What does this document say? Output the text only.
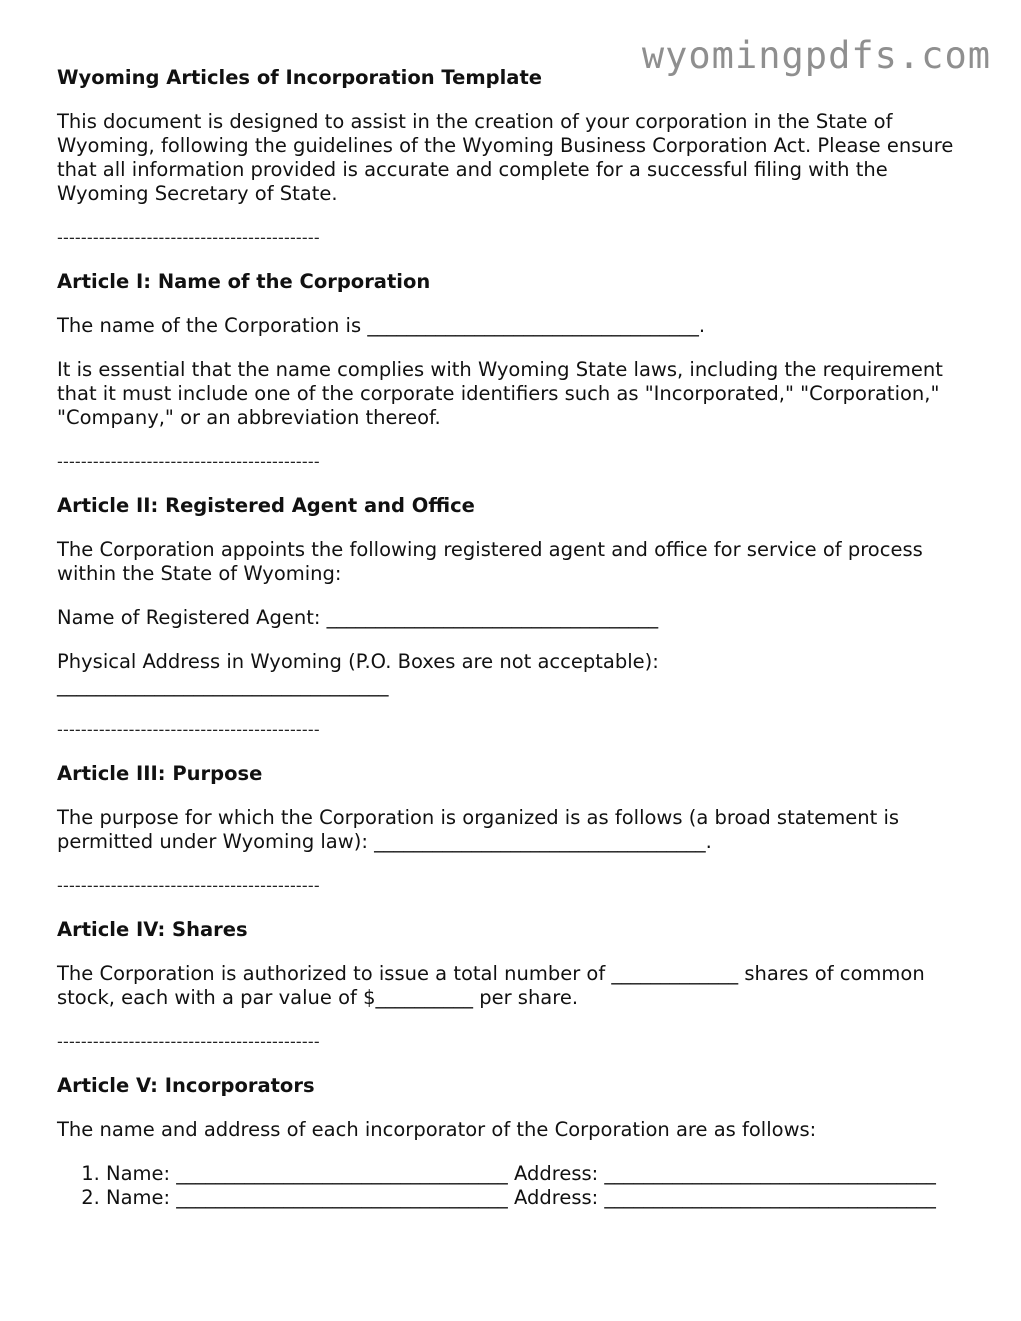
wyomingpdfs.com
Wyoming Articles of Incorporation Template

This document is designed to assist in the creation of your corporation in the State of Wyoming, following the guidelines of the Wyoming Business Corporation Act. Please ensure that all information provided is accurate and complete for a successful filing with the Wyoming Secretary of State.

--------------------------------------------
Article I: Name of the Corporation

The name of the Corporation is __________________________________.

It is essential that the name complies with Wyoming State laws, including the requirement that it must include one of the corporate identifiers such as "Incorporated," "Corporation," "Company," or an abbreviation thereof.

--------------------------------------------
Article II: Registered Agent and Office

The Corporation appoints the following registered agent and office for service of process within the State of Wyoming:

Name of Registered Agent: __________________________________

Physical Address in Wyoming (P.O. Boxes are not acceptable): __________________________________

--------------------------------------------
Article III: Purpose

The purpose for which the Corporation is organized is as follows (a broad statement is permitted under Wyoming law): __________________________________.

--------------------------------------------
Article IV: Shares

The Corporation is authorized to issue a total number of _____________ shares of common stock, each with a par value of $__________ per share.

--------------------------------------------
Article V: Incorporators

The name and address of each incorporator of the Corporation are as follows:

1. Name: __________________________________ Address: __________________________________
2. Name: __________________________________ Address: __________________________________
